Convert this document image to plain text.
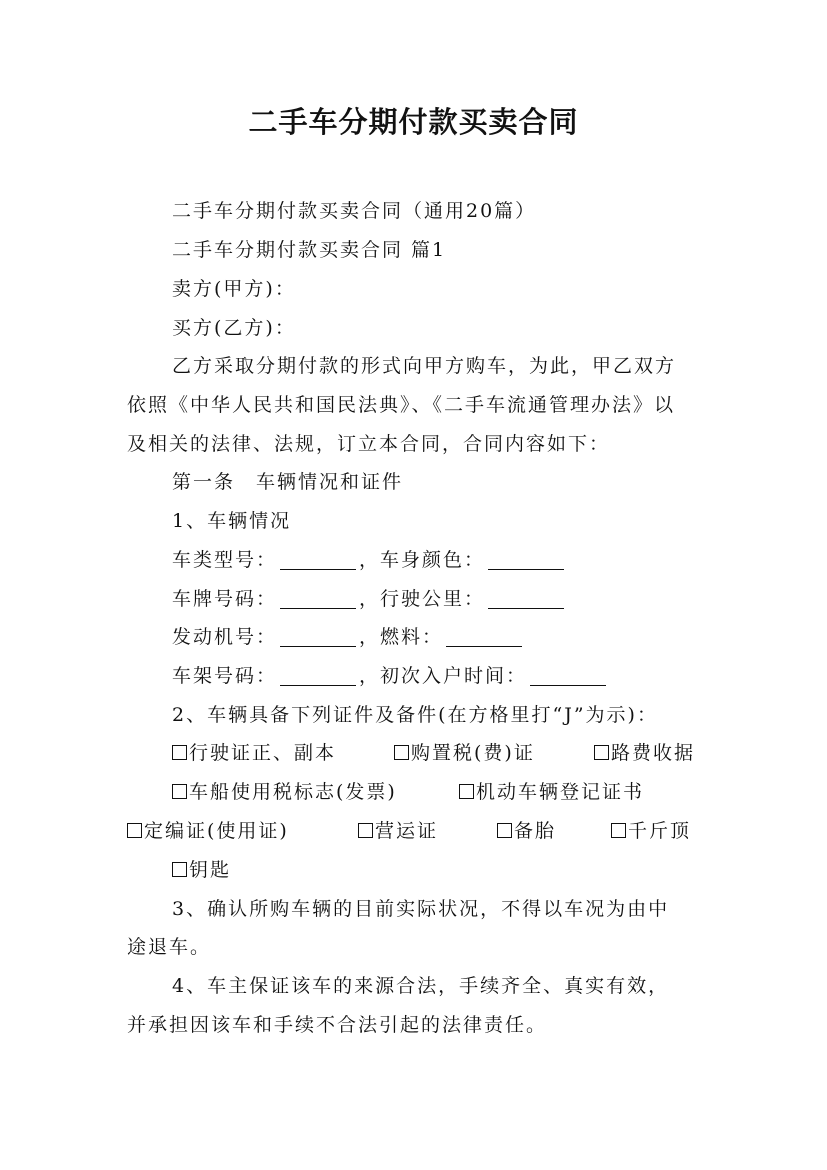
二手车分期付款买卖合同
二手车分期付款买卖合同（通用20篇）
二手车分期付款买卖合同 篇1
卖方(甲方)：
买方(乙方)：
乙方采取分期付款的形式向甲方购车，为此，甲乙双方
依照《中华人民共和国民法典》、《二手车流通管理办法》以
及相关的法律、法规，订立本合同，合同内容如下：
第一条　车辆情况和证件
1、车辆情况
车类型号：	，车身颜色：
车牌号码：	，行驶公里：
发动机号：	，燃料：
车架号码：	，初次入户时间：
2、车辆具备下列证件及备件(在方格里打“J”为示)：
行驶证正、副本	购置税(费)证	路费收据
车船使用税标志(发票)	机动车辆登记证书
定编证(使用证)	营运证	备胎	千斤顶
钥匙
3、确认所购车辆的目前实际状况，不得以车况为由中
途退车。
4、车主保证该车的来源合法，手续齐全、真实有效，
并承担因该车和手续不合法引起的法律责任。
